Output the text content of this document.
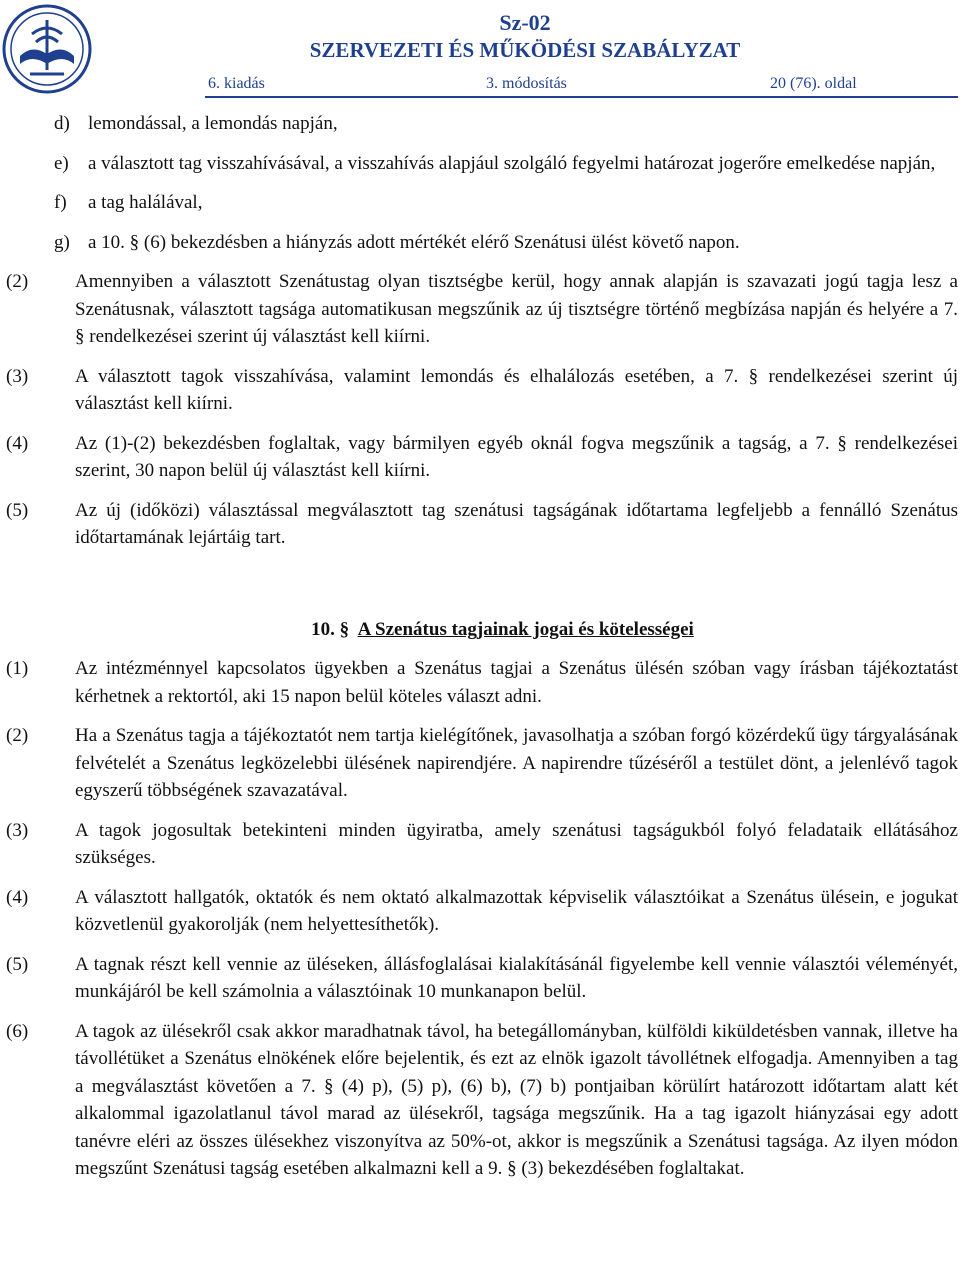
Sz-02
SZERVEZETI ÉS MŰKÖDÉSI SZABÁLYZAT
6. kiadás	3. módosítás	20 (76). oldal
d) lemondással, a lemondás napján,
e) a választott tag visszahívásával, a visszahívás alapjául szolgáló fegyelmi határozat jogerőre emelkedése napján,
f) a tag halálával,
g) a 10. § (6) bekezdésben a hiányzás adott mértékét elérő Szenátusi ülést követő napon.
(2) Amennyiben a választott Szenátustag olyan tisztségbe kerül, hogy annak alapján is szavazati jogú tagja lesz a Szenátusnak, választott tagsága automatikusan megszűnik az új tisztségre történő megbízása napján és helyére a 7. § rendelkezései szerint új választást kell kiírni.
(3) A választott tagok visszahívása, valamint lemondás és elhalálozás esetében, a 7. § rendelkezései szerint új választást kell kiírni.
(4) Az (1)-(2) bekezdésben foglaltak, vagy bármilyen egyéb oknál fogva megszűnik a tagság, a 7. § rendelkezései szerint, 30 napon belül új választást kell kiírni.
(5) Az új (időközi) választással megválasztott tag szenátusi tagságának időtartama legfeljebb a fennálló Szenátus időtartamának lejártáig tart.
10. § A Szenátus tagjainak jogai és kötelességei
(1) Az intézménnyel kapcsolatos ügyekben a Szenátus tagjai a Szenátus ülésén szóban vagy írásban tájékoztatást kérhetnek a rektortól, aki 15 napon belül köteles választ adni.
(2) Ha a Szenátus tagja a tájékoztatót nem tartja kielégítőnek, javasolhatja a szóban forgó közérdekű ügy tárgyalásának felvételét a Szenátus legközelebbi ülésének napirendjére. A napirendre tűzéséről a testület dönt, a jelenlévő tagok egyszerű többségének szavazatával.
(3) A tagok jogosultak betekinteni minden ügyiratba, amely szenátusi tagságukból folyó feladataik ellátásához szükséges.
(4) A választott hallgatók, oktatók és nem oktató alkalmazottak képviselik választóikat a Szenátus ülésein, e jogukat közvetlenül gyakorolják (nem helyettesíthetők).
(5) A tagnak részt kell vennie az üléseken, állásfoglalásai kialakításánál figyelembe kell vennie választói véleményét, munkájáról be kell számolnia a választóinak 10 munkanapon belül.
(6) A tagok az ülésekről csak akkor maradhatnak távol, ha betegállományban, külföldi kiküldetésben vannak, illetve ha távollétüket a Szenátus elnökének előre bejelentik, és ezt az elnök igazolt távollétnek elfogadja. Amennyiben a tag a megválasztást követően a 7. § (4) p), (5) p), (6) b), (7) b) pontjaiban körülírt határozott időtartam alatt két alkalommal igazolatlanul távol marad az ülésekről, tagsága megszűnik. Ha a tag igazolt hiányzásai egy adott tanévre eléri az összes ülésekhez viszonyítva az 50%-ot, akkor is megszűnik a Szenátusi tagsága. Az ilyen módon megszűnt Szenátusi tagság esetében alkalmazni kell a 9. § (3) bekezdésében foglaltakat.
